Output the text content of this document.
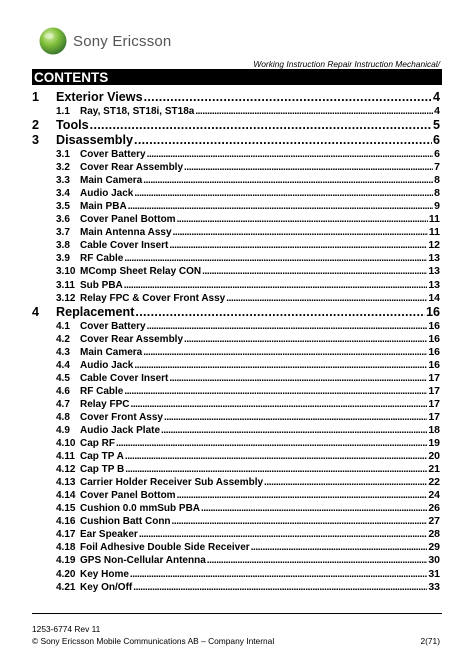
Sony Ericsson
Working Instruction Repair Instruction Mechanical/
CONTENTS
1	Exterior Views . . .	4
1.1	Ray, ST18, ST18i, ST18a . . .	4
2	Tools . . .	5
3	Disassembly . . .	6
3.1	Cover Battery . . .	6
3.2	Cover Rear Assembly . . .	7
3.3	Main Camera . . .	8
3.4	Audio Jack . . .	8
3.5	Main PBA . . .	9
3.6	Cover Panel Bottom . . .	11
3.7	Main Antenna Assy . . .	11
3.8	Cable Cover Insert . . .	12
3.9	RF Cable . . .	13
3.10 MComp Sheet Relay CON . . .	13
3.11 Sub PBA . . .	13
3.12 Relay FPC & Cover Front Assy . . .	14
4	Replacement . . .	16
4.1	Cover Battery . . .	16
4.2	Cover Rear Assembly . . .	16
4.3	Main Camera . . .	16
4.4	Audio Jack . . .	16
4.5	Cable Cover Insert . . .	17
4.6	RF Cable . . .	17
4.7	Relay FPC . . .	17
4.8	Cover Front Assy . . .	17
4.9	Audio Jack Plate . . .	18
4.10 Cap RF . . .	19
4.11 Cap TP A . . .	20
4.12 Cap TP B . . .	21
4.13 Carrier Holder Receiver Sub Assembly . . .	22
4.14 Cover Panel Bottom . . .	24
4.15 Cushion 0.0 mmSub PBA . . .	26
4.16 Cushion Batt Conn . . .	27
4.17 Ear Speaker . . .	28
4.18 Foil Adhesive Double Side Receiver . . .	29
4.19 GPS Non-Cellular Antenna . . .	30
4.20 Key Home . . .	31
4.21 Key On/Off . . .	33
1253-6774 Rev 11
© Sony Ericsson Mobile Communications AB – Company Internal	2(71)
